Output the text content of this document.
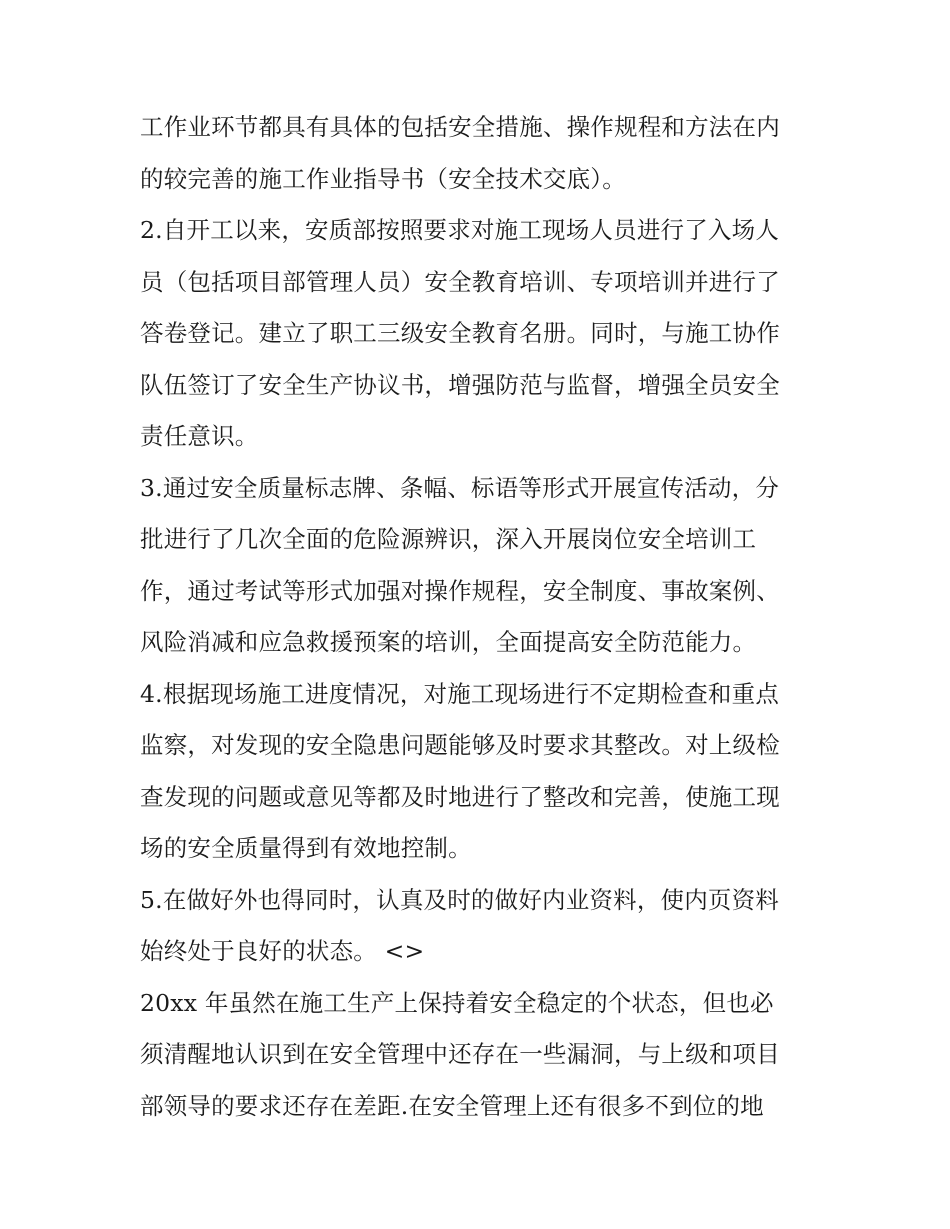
工作业环节都具有具体的包括安全措施、操作规程和方法在内
的较完善的施工作业指导书（安全技术交底）。
2.自开工以来，安质部按照要求对施工现场人员进行了入场人
员（包括项目部管理人员）安全教育培训、专项培训并进行了
答卷登记。建立了职工三级安全教育名册。同时，与施工协作
队伍签订了安全生产协议书，增强防范与监督，增强全员安全
责任意识。
3.通过安全质量标志牌、条幅、标语等形式开展宣传活动，分
批进行了几次全面的危险源辨识，深入开展岗位安全培训工
作，通过考试等形式加强对操作规程，安全制度、事故案例、
风险消减和应急救援预案的培训，全面提高安全防范能力。
4.根据现场施工进度情况，对施工现场进行不定期检查和重点
监察，对发现的安全隐患问题能够及时要求其整改。对上级检
查发现的问题或意见等都及时地进行了整改和完善，使施工现
场的安全质量得到有效地控制。
5.在做好外也得同时，认真及时的做好内业资料，使内页资料
始终处于良好的状态。 <>
20xx 年虽然在施工生产上保持着安全稳定的个状态，但也必
须清醒地认识到在安全管理中还存在一些漏洞，与上级和项目
部领导的要求还存在差距.在安全管理上还有很多不到位的地
